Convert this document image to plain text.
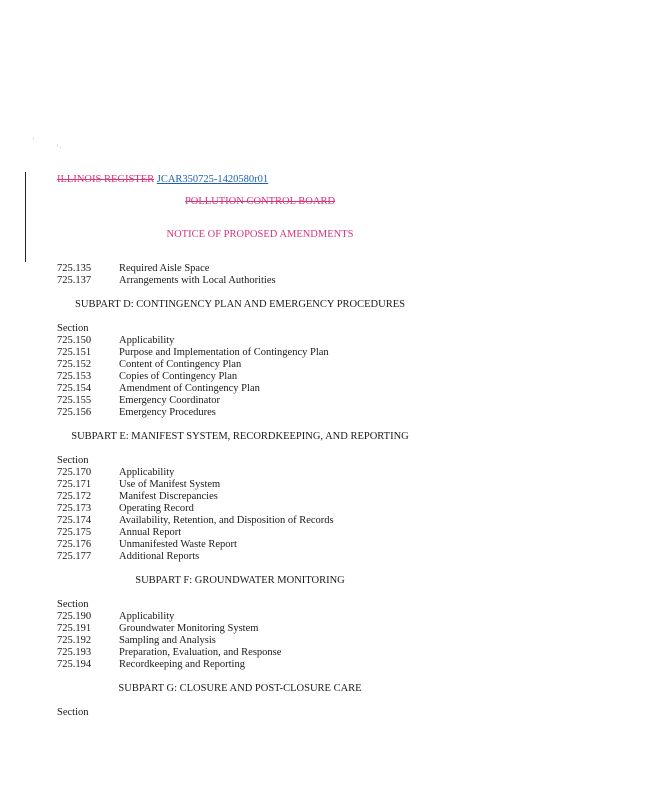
'
' ·
ILLINOIS REGISTER JCAR350725-1420580r01
POLLUTION CONTROL BOARD
NOTICE OF PROPOSED AMENDMENTS
725.135	Required Aisle Space
725.137	Arrangements with Local Authorities
SUBPART D: CONTINGENCY PLAN AND EMERGENCY PROCEDURES
Section
725.150	Applicability
725.151	Purpose and Implementation of Contingency Plan
725.152	Content of Contingency Plan
725.153	Copies of Contingency Plan
725.154	Amendment of Contingency Plan
725.155	Emergency Coordinator
725.156	Emergency Procedures
SUBPART E: MANIFEST SYSTEM, RECORDKEEPING, AND REPORTING
Section
725.170	Applicability
725.171	Use of Manifest System
725.172	Manifest Discrepancies
725.173	Operating Record
725.174	Availability, Retention, and Disposition of Records
725.175	Annual Report
725.176	Unmanifested Waste Report
725.177	Additional Reports
SUBPART F: GROUNDWATER MONITORING
Section
725.190	Applicability
725.191	Groundwater Monitoring System
725.192	Sampling and Analysis
725.193	Preparation, Evaluation, and Response
725.194	Recordkeeping and Reporting
SUBPART G: CLOSURE AND POST-CLOSURE CARE
Section
